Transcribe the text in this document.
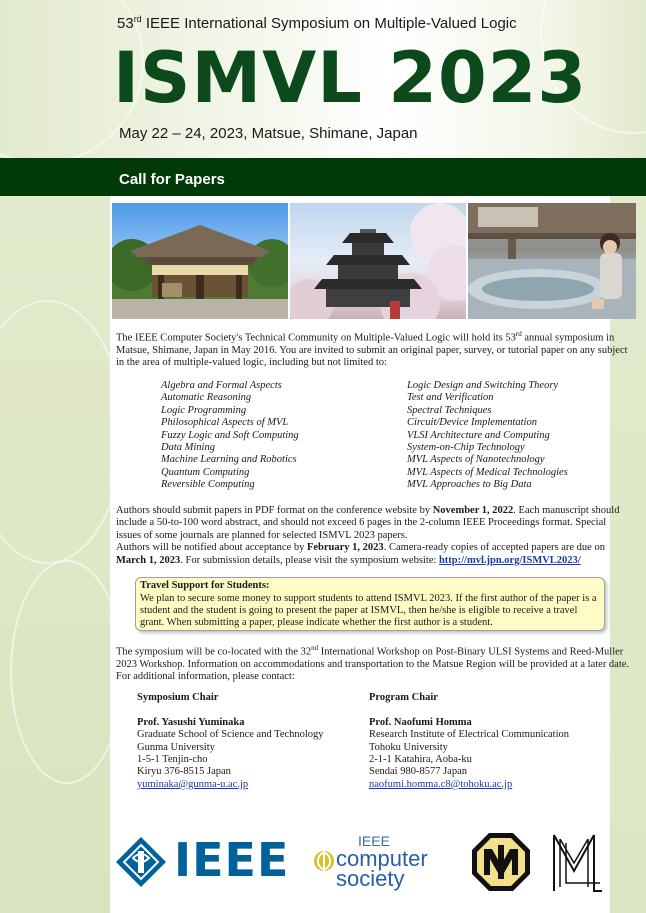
53rd IEEE International Symposium on Multiple-Valued Logic
ISMVL 2023
May 22 – 24, 2023, Matsue, Shimane, Japan
Call for Papers
The IEEE Computer Society's Technical Community on Multiple-Valued Logic will hold its 53rd annual symposium in Matsue, Shimane, Japan in May 2016. You are invited to submit an original paper, survey, or tutorial paper on any subject in the area of multiple-valued logic, including but not limited to:
Algebra and Formal Aspects
Automatic Reasoning
Logic Programming
Philosophical Aspects of MVL
Fuzzy Logic and Soft Computing
Data Mining
Machine Learning and Robotics
Quantum Computing
Reversible Computing
Logic Design and Switching Theory
Test and Verification
Spectral Techniques
Circuit/Device Implementation
VLSI Architecture and Computing
System-on-Chip Technology
MVL Aspects of Nanotechnology
MVL Aspects of Medical Technologies
MVL Approaches to Big Data
Authors should submit papers in PDF format on the conference website by November 1, 2022. Each manuscript should include a 50-to-100 word abstract, and should not exceed 6 pages in the 2-column IEEE Proceedings format. Special issues of some journals are planned for selected ISMVL 2023 papers.
Authors will be notified about acceptance by February 1, 2023. Camera-ready copies of accepted papers are due on March 1, 2023. For submission details, please visit the symposium website: http://mvl.jpn.org/ISMVL2023/
Travel Support for Students:
We plan to secure some money to support students to attend ISMVL 2023. If the first author of the paper is a student and the student is going to present the paper at ISMVL, then he/she is eligible to receive a travel grant. When submitting a paper, please indicate whether the first author is a student.
The symposium will be co-located with the 32nd International Workshop on Post-Binary ULSI Systems and Reed-Muller 2023 Workshop. Information on accommodations and transportation to the Matsue Region will be provided at a later date. For additional information, please contact:
Symposium Chair
Prof. Yasushi Yuminaka
Graduate School of Science and Technology
Gunma University
1-5-1 Tenjin-cho
Kiryu 376-8515 Japan
yuminaka@gunma-u.ac.jp
Program Chair
Prof. Naofumi Homma
Research Institute of Electrical Communication
Tohoku University
2-1-1 Katahira, Aoba-ku
Sendai 980-8577 Japan
naofumi.homma.c8@tohoku.ac.jp
IEEE	IEEE
computer
society
